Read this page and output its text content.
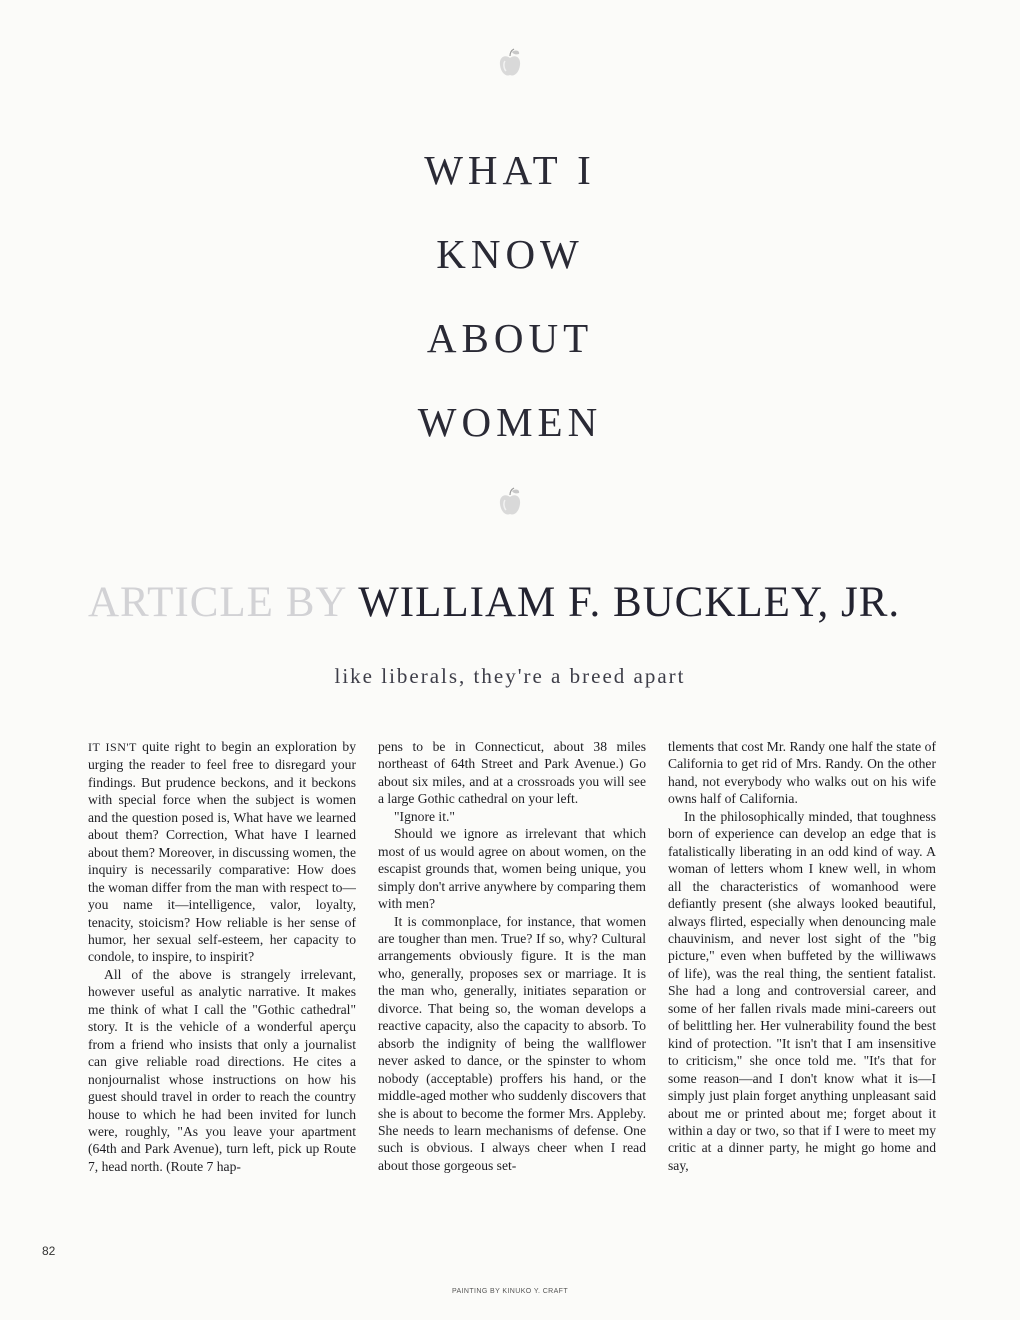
WHAT I
KNOW
ABOUT
WOMEN
ARTICLE BY WILLIAM F. BUCKLEY, JR.
like liberals, they're a breed apart

IT ISN'T quite right to begin an exploration by urging the reader to feel free to disregard your findings. But prudence beckons, and it beckons with special force when the subject is women and the question posed is, What have we learned about them? Correction, What have I learned about them? Moreover, in discussing women, the inquiry is necessarily comparative: How does the woman differ from the man with respect to—you name it—intelligence, valor, loyalty, tenacity, stoicism? How reliable is her sense of humor, her sexual self-esteem, her capacity to condole, to inspire, to inspirit?

All of the above is strangely irrelevant, however useful as analytic narrative. It makes me think of what I call the "Gothic cathedral" story. It is the vehicle of a wonderful aperçu from a friend who insists that only a journalist can give reliable road directions. He cites a nonjournalist whose instructions on how his guest should travel in order to reach the country house to which he had been invited for lunch were, roughly, "As you leave your apartment (64th and Park Avenue), turn left, pick up Route 7, head north. (Route 7 hap-

pens to be in Connecticut, about 38 miles northeast of 64th Street and Park Avenue.) Go about six miles, and at a crossroads you will see a large Gothic cathedral on your left.

"Ignore it."

Should we ignore as irrelevant that which most of us would agree on about women, on the escapist grounds that, women being unique, you simply don't arrive anywhere by comparing them with men?

It is commonplace, for instance, that women are tougher than men. True? If so, why? Cultural arrangements obviously figure. It is the man who, generally, proposes sex or marriage. It is the man who, generally, initiates separation or divorce. That being so, the woman develops a reactive capacity, also the capacity to absorb. To absorb the indignity of being the wallflower never asked to dance, or the spinster to whom nobody (acceptable) proffers his hand, or the middle-aged mother who suddenly discovers that she is about to become the former Mrs. Appleby. She needs to learn mechanisms of defense. One such is obvious. I always cheer when I read about those gorgeous set-

tlements that cost Mr. Randy one half the state of California to get rid of Mrs. Randy. On the other hand, not everybody who walks out on his wife owns half of California.

In the philosophically minded, that toughness born of experience can develop an edge that is fatalistically liberating in an odd kind of way. A woman of letters whom I knew well, in whom all the characteristics of womanhood were defiantly present (she always looked beautiful, always flirted, especially when denouncing male chauvinism, and never lost sight of the "big picture," even when buffeted by the williwaws of life), was the real thing, the sentient fatalist. She had a long and controversial career, and some of her fallen rivals made mini-careers out of belittling her. Her vulnerability found the best kind of protection. "It isn't that I am insensitive to criticism," she once told me. "It's that for some reason—and I don't know what it is—I simply just plain forget anything unpleasant said about me or printed about me; forget about it within a day or two, so that if I were to meet my critic at a dinner party, he might go home and say,

82
PAINTING BY KINUKO Y. CRAFT
